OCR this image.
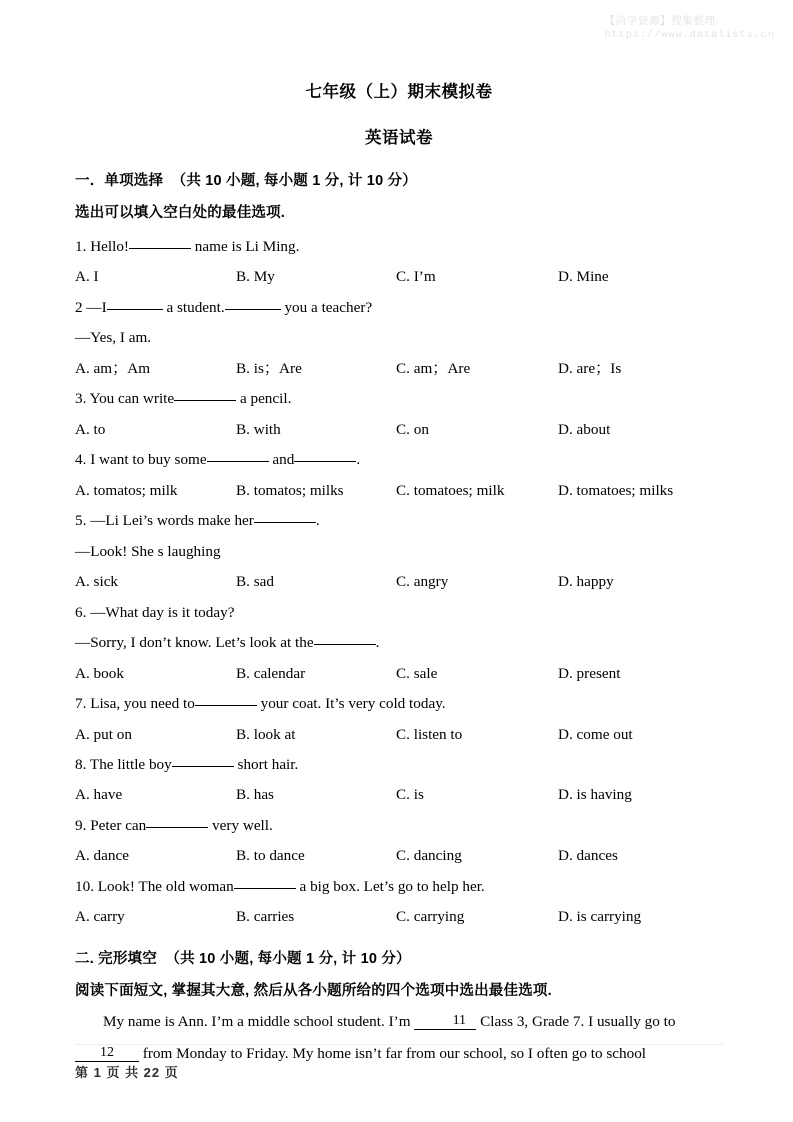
【尚学资源】搜集整理:
https://www.datalists.cn
七年级（上）期末模拟卷
英语试卷
一．单项选择  （共 10 小题, 每小题 1 分, 计 10 分）
选出可以填入空白处的最佳选项.
1. Hello!	name is Li Ming.
A. I	B. My	C. I’m	D. Mine
2 —I	a student.	you a teacher?
—Yes, I am.
A. am；Am	B. is；Are	C. am；Are	D. are；Is
3. You can write	a pencil.
A. to	B. with	C. on	D. about
4. I want to buy some	and	.
A. tomatos; milk	B. tomatos; milks	C. tomatoes; milk	D. tomatoes; milks
5. —Li Lei’s words make her	.
—Look! She s laughing
A. sick	B. sad	C. angry	D. happy
6. —What day is it today?
—Sorry, I don’t know. Let’s look at the	.
A. book	B. calendar	C. sale	D. present
7. Lisa, you need to	your coat. It’s very cold today.
A. put on	B. look at	C. listen to	D. come out
8. The little boy	short hair.
A. have	B. has	C. is	D. is having
9. Peter can	very well.
A. dance	B. to dance	C. dancing	D. dances
10. Look! The old woman	a big box. Let’s go to help her.
A. carry	B. carries	C. carrying	D. is carrying
二. 完形填空  （共 10 小题, 每小题 1 分, 计 10 分）
阅读下面短文, 掌握其大意, 然后从各小题所给的四个选项中选出最佳选项.
My name is Ann. I’m a middle school student. I’m	11 Class 3, Grade 7. I usually go to
12 from Monday to Friday. My home isn’t far from our school, so I often go to school
第 1 页 共 22 页
